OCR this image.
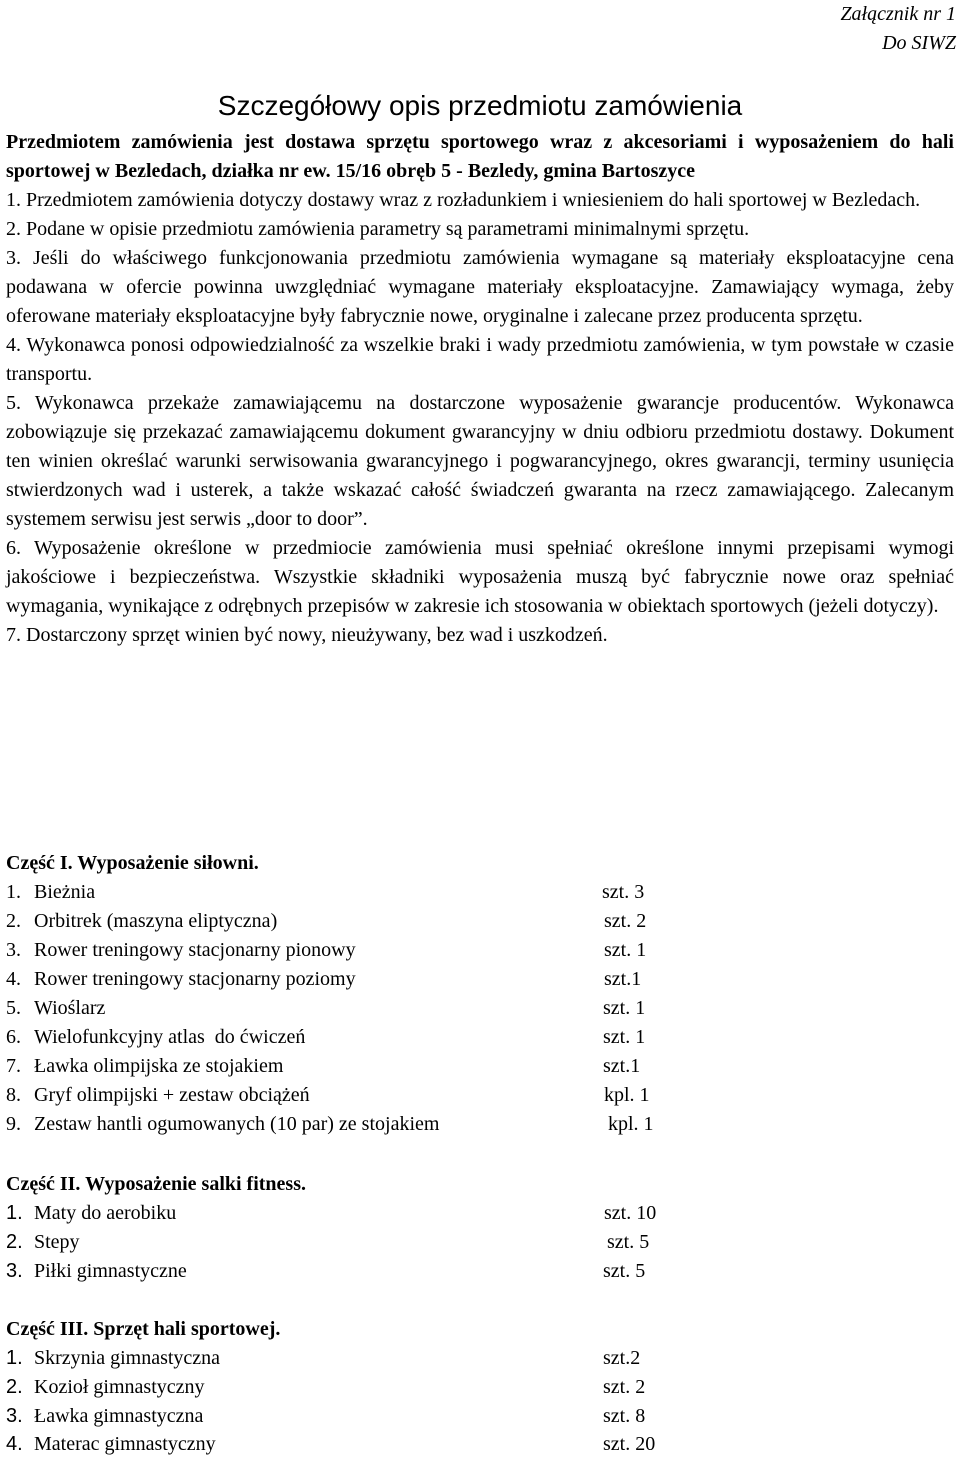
Załącznik nr 1
Do SIWZ
Szczegółowy opis przedmiotu zamówienia

Przedmiotem zamówienia jest dostawa sprzętu sportowego wraz z akcesoriami i wyposażeniem do hali sportowej w Bezledach, działka nr ew. 15/16 obręb 5 - Bezledy, gmina Bartoszyce

1. Przedmiotem zamówienia dotyczy dostawy wraz z rozładunkiem i wniesieniem do hali sportowej w Bezledach.

2. Podane w opisie przedmiotu zamówienia parametry są parametrami minimalnymi sprzętu.

3. Jeśli do właściwego funkcjonowania przedmiotu zamówienia wymagane są materiały eksploatacyjne cena podawana w ofercie powinna uwzględniać wymagane materiały eksploatacyjne. Zamawiający wymaga, żeby oferowane materiały eksploatacyjne były fabrycznie nowe, oryginalne i zalecane przez producenta sprzętu.

4. Wykonawca ponosi odpowiedzialność za wszelkie braki i wady przedmiotu zamówienia, w tym powstałe w czasie transportu.

5. Wykonawca przekaże zamawiającemu na dostarczone wyposażenie gwarancje producentów. Wykonawca zobowiązuje się przekazać zamawiającemu dokument gwarancyjny w dniu odbioru przedmiotu dostawy. Dokument ten winien określać warunki serwisowania gwarancyjnego i pogwarancyjnego, okres gwarancji, terminy usunięcia stwierdzonych wad i usterek, a także wskazać całość świadczeń gwaranta na rzecz zamawiającego. Zalecanym systemem serwisu jest serwis „door to door”.

6. Wyposażenie określone w przedmiocie zamówienia musi spełniać określone innymi przepisami wymogi jakościowe i bezpieczeństwa. Wszystkie składniki wyposażenia muszą być fabrycznie nowe oraz spełniać wymagania, wynikające z odrębnych przepisów w zakresie ich stosowania w obiektach sportowych (jeżeli dotyczy).

7. Dostarczony sprzęt winien być nowy, nieużywany, bez wad i uszkodzeń.

Część I. Wyposażenie siłowni.
1. Bieżnia	szt. 3
2. Orbitrek (maszyna eliptyczna)	szt. 2
3. Rower treningowy stacjonarny pionowy	szt. 1
4. Rower treningowy stacjonarny poziomy	szt.1
5. Wioślarz	szt. 1
6. Wielofunkcyjny atlas  do ćwiczeń	szt. 1
7. Ławka olimpijska ze stojakiem	szt.1
8. Gryf olimpijski + zestaw obciążeń	kpl. 1
9. Zestaw hantli ogumowanych (10 par) ze stojakiem	kpl. 1
Część II. Wyposażenie salki fitness.
1. Maty do aerobiku	szt. 10
2. Stepy	szt. 5
3. Piłki gimnastyczne	szt. 5
Część III. Sprzęt hali sportowej.
1. Skrzynia gimnastyczna	szt.2
2. Kozioł gimnastyczny	szt. 2
3. Ławka gimnastyczna	szt. 8
4. Materac gimnastyczny	szt. 20
